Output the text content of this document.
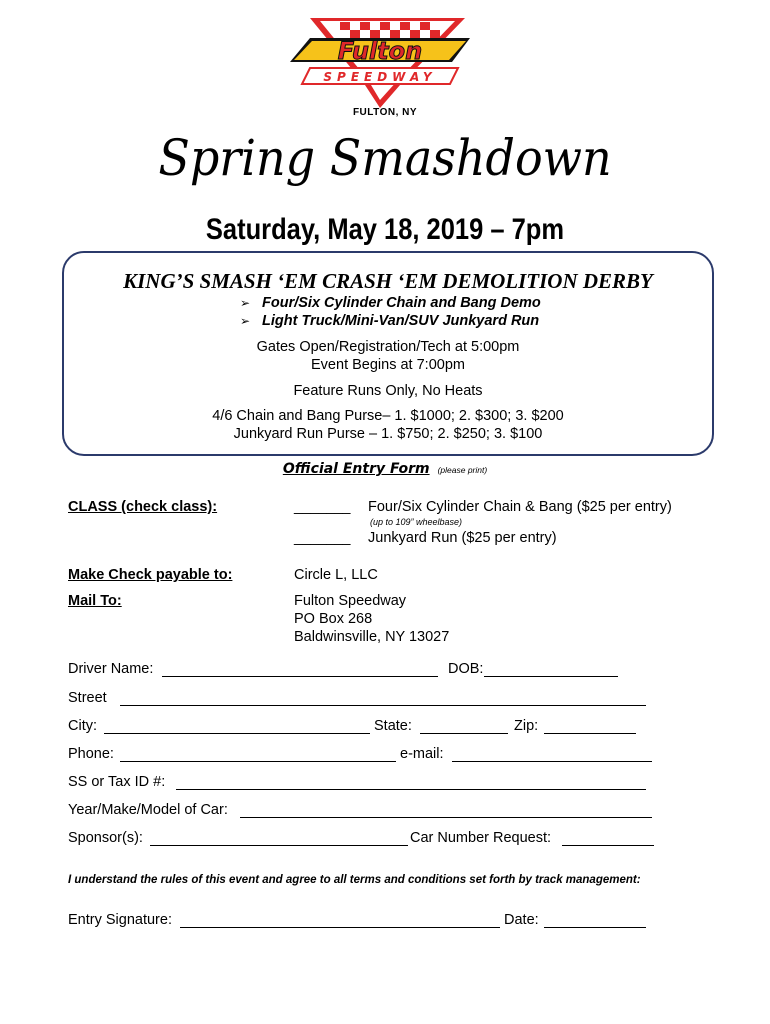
Fulton
SPEEDWAY
FULTON, NY
Spring Smashdown
Saturday, May 18, 2019 – 7pm
KING’S SMASH ‘EM CRASH ‘EM DEMOLITION DERBY
➢ Four/Six Cylinder Chain and Bang Demo
➢ Light Truck/Mini-Van/SUV Junkyard Run
Gates Open/Registration/Tech at 5:00pm
Event Begins at 7:00pm
Feature Runs Only, No Heats
4/6 Chain and Bang Purse– 1. $1000; 2. $300; 3. $200
Junkyard Run Purse – 1. $750; 2. $250; 3. $100
Official Entry Form (please print)
CLASS (check class):	_______ Four/Six Cylinder Chain & Bang ($25 per entry)
(up to 109” wheelbase)
_______ Junkyard Run ($25 per entry)
Make Check payable to:	Circle L, LLC
Mail To:	Fulton Speedway
PO Box 268
Baldwinsville, NY 13027
Driver Name:	DOB:
Street
City:	State:	Zip:
Phone:	e-mail:
SS or Tax ID #:
Year/Make/Model of Car:
Sponsor(s):	Car Number Request:
I understand the rules of this event and agree to all terms and conditions set forth by track management:
Entry Signature:	Date:
